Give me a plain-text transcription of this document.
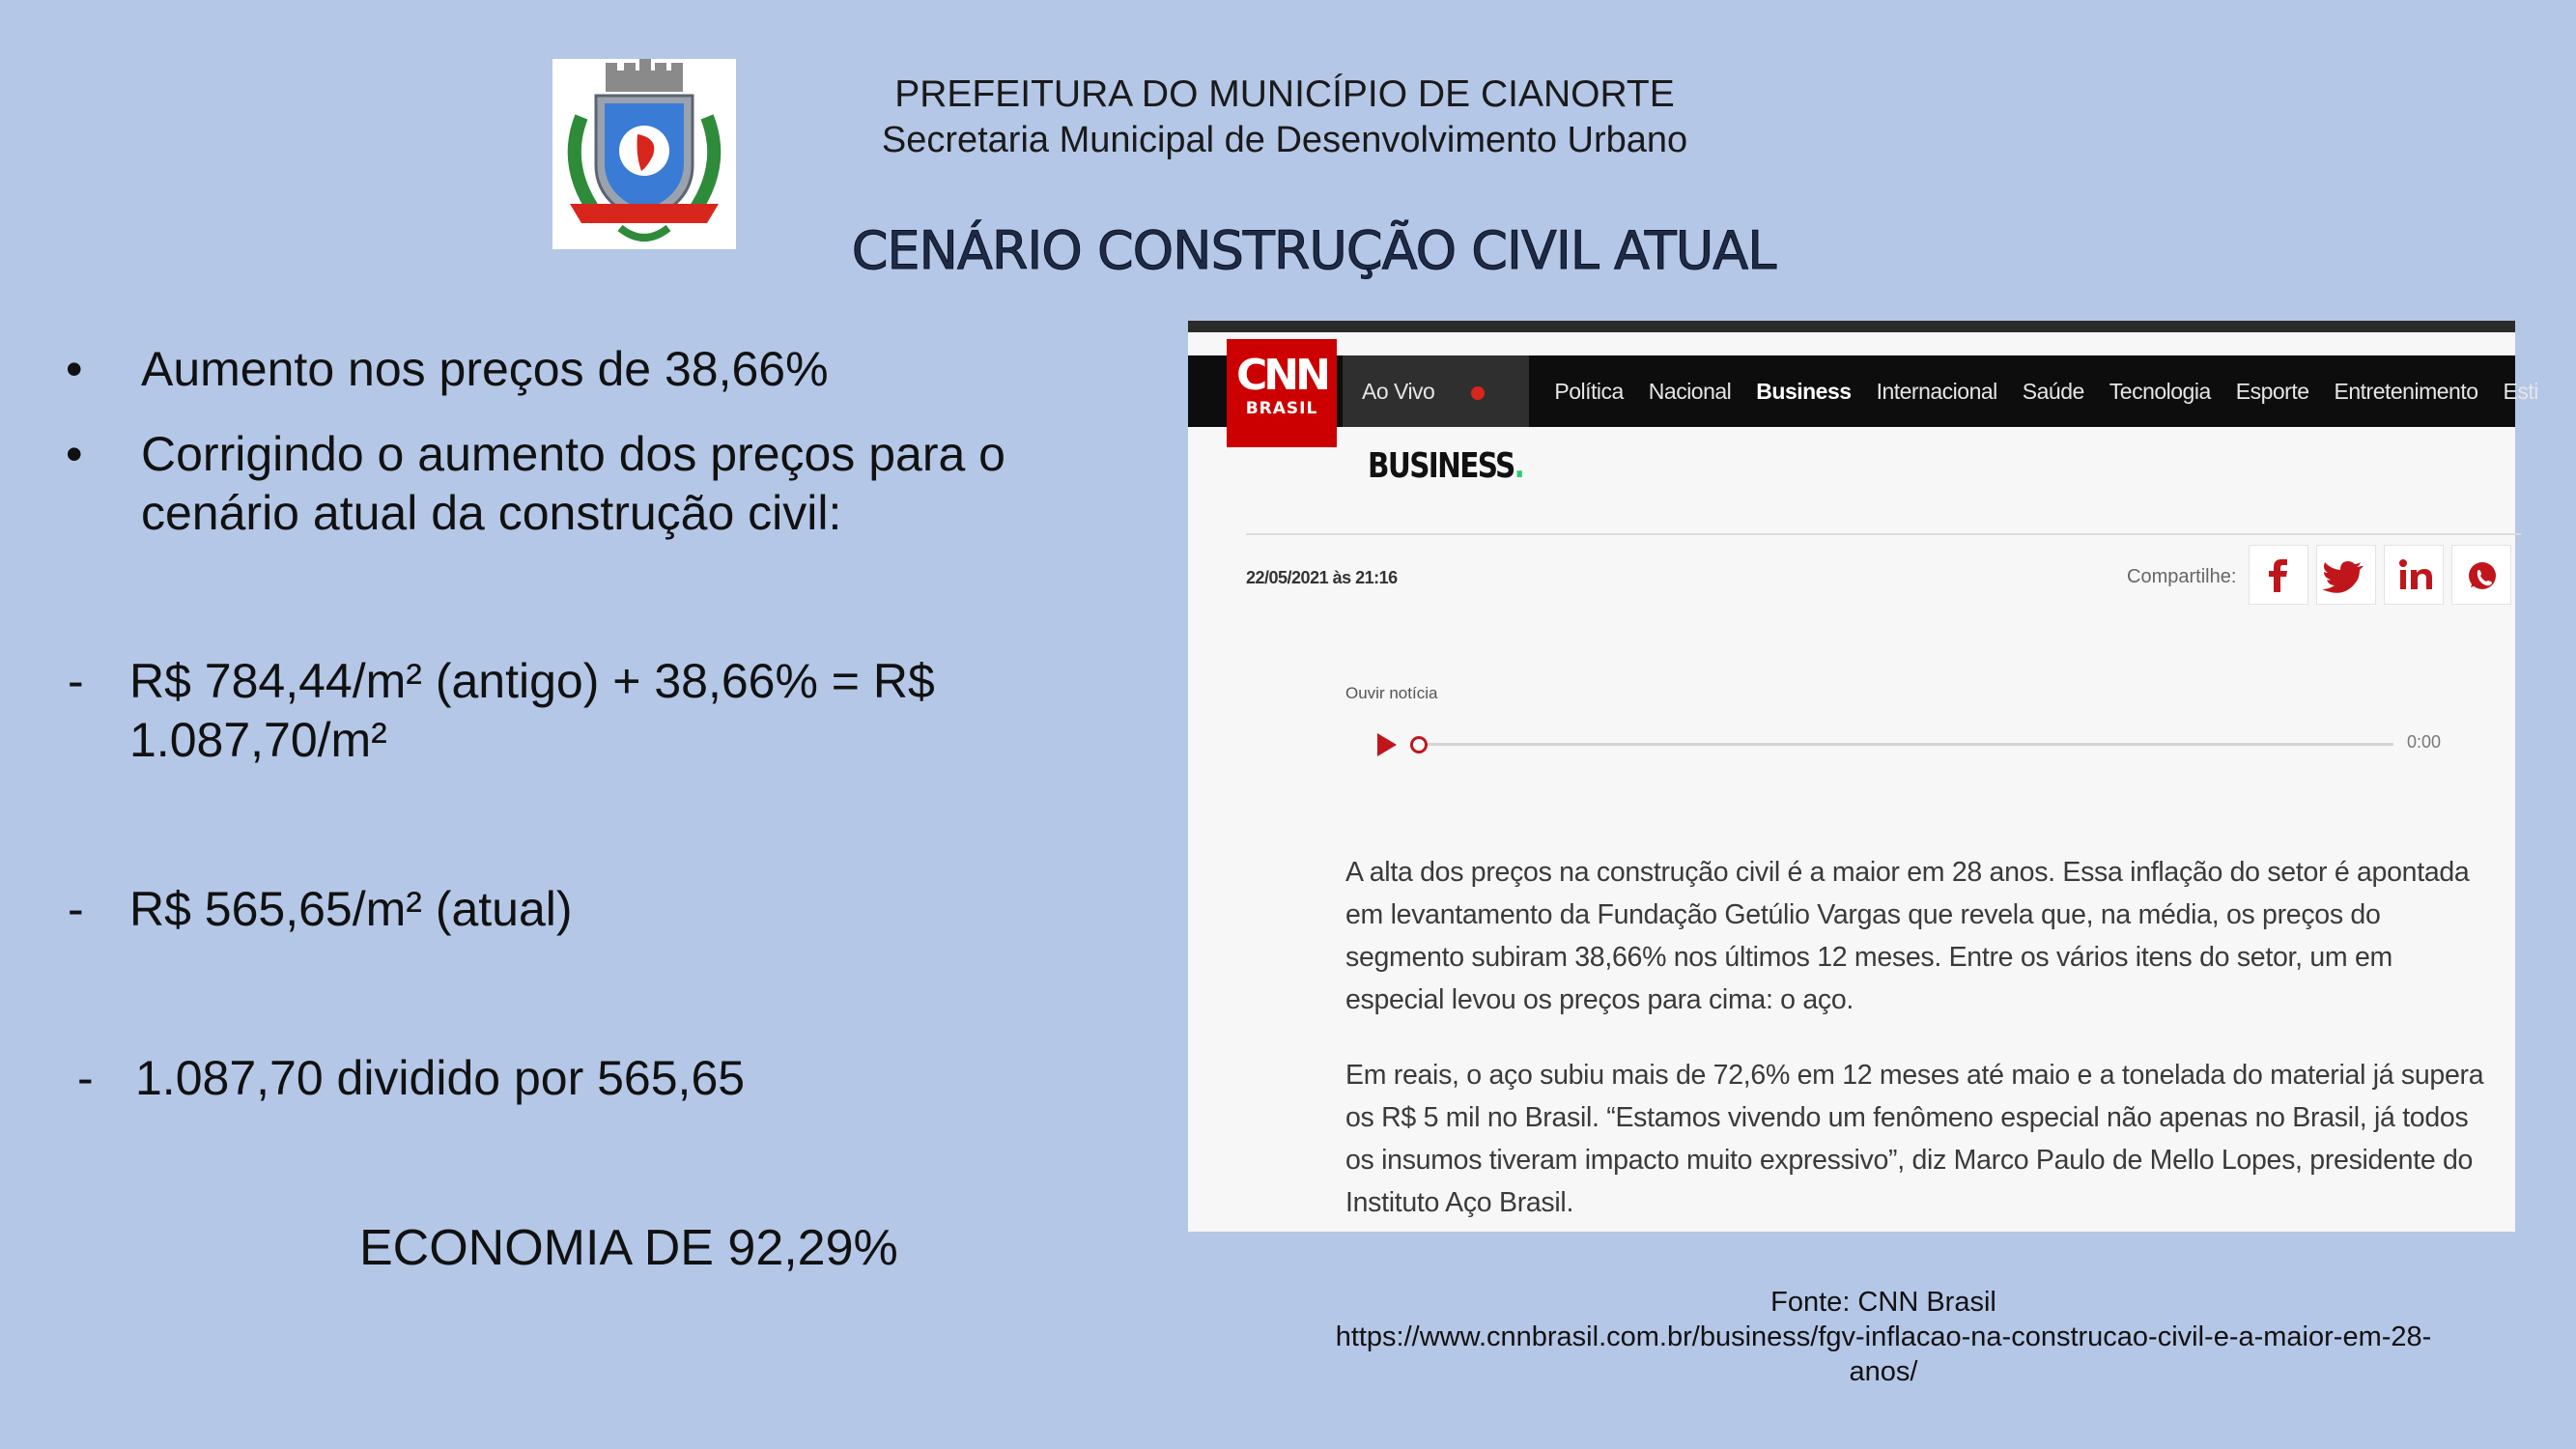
PREFEITURA DO MUNICÍPIO DE CIANORTE
Secretaria Municipal de Desenvolvimento Urbano
CENÁRIO CONSTRUÇÃO CIVIL ATUAL
•	Aumento nos preços de 38,66%
•	Corrigindo o aumento dos preços para o
cenário atual da construção civil:
- R$ 784,44/m² (antigo) + 38,66% = R$
1.087,70/m²
- R$ 565,65/m² (atual)
- 1.087,70 dividido por 565,65
ECONOMIA DE 92,29%
Ao Vivo	Política Nacional Business Internacional Saúde Tecnologia Esporte Entretenimento Esti
CNN
BRASIL
BUSINESS.
22/05/2021 às 21:16	Compartilhe:
Ouvir notícia
0:00
A alta dos preços na construção civil é a maior em 28 anos. Essa inflação do setor é apontada
em levantamento da Fundação Getúlio Vargas que revela que, na média, os preços do
segmento subiram 38,66% nos últimos 12 meses. Entre os vários itens do setor, um em
especial levou os preços para cima: o aço.
Em reais, o aço subiu mais de 72,6% em 12 meses até maio e a tonelada do material já supera
os R$ 5 mil no Brasil. “Estamos vivendo um fenômeno especial não apenas no Brasil, já todos
os insumos tiveram impacto muito expressivo”, diz Marco Paulo de Mello Lopes, presidente do
Instituto Aço Brasil.
Fonte: CNN Brasil
https://www.cnnbrasil.com.br/business/fgv-inflacao-na-construcao-civil-e-a-maior-em-28-
anos/
